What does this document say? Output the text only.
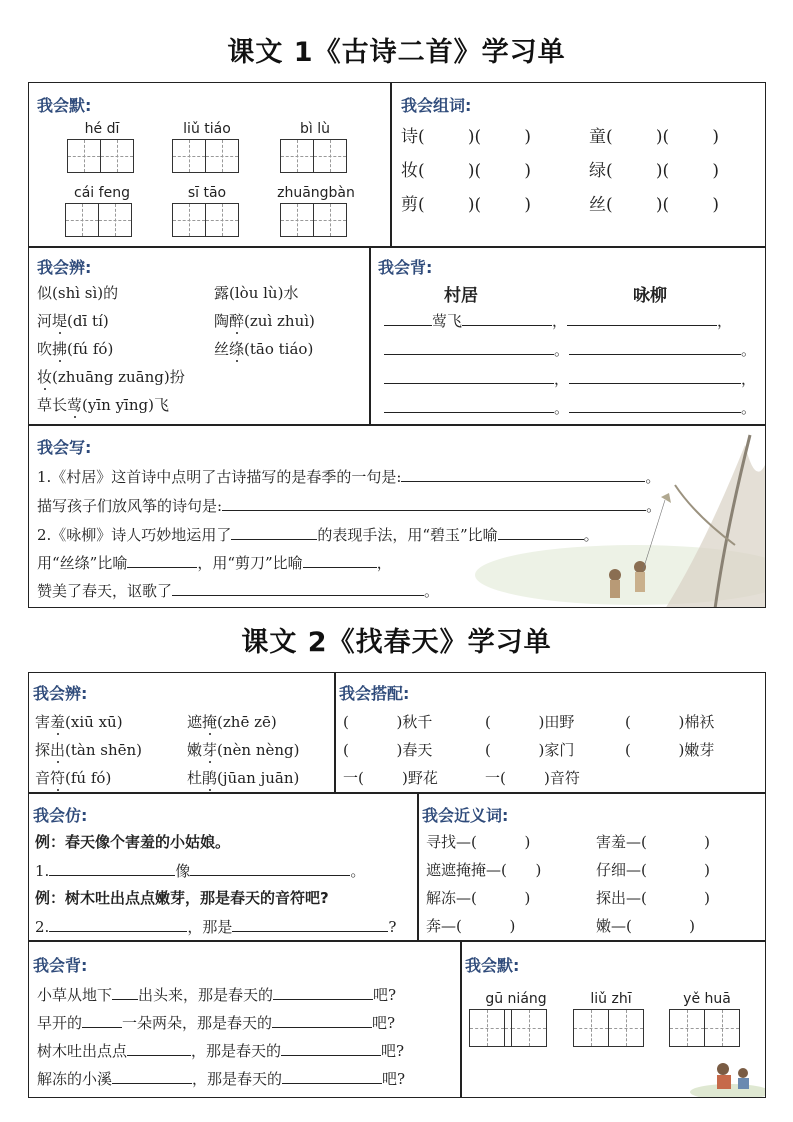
课文 1《古诗二首》学习单
我会默:
hé dī	liǔ tiáo	bì lù
cái feng	sī tāo	zhuāngbàn
我会组词:
诗(        )(        )	童(        )(        )
妆(        )(        )	绿(        )(        )
剪(        )(        )	丝(        )(        )
我会辨:
似(shì sì)的	露(lòu lù)水
河堤(dī tí)	陶醉(zuì zhuì)
吹拂(fú fó)	丝绦(tāo tiáo)
妆(zhuāng zuāng)扮
草长莺(yīn yīng)飞
我会背:
村居	咏柳
莺飞	，	，
。	。
，	，
。	。
我会写:
1.《村居》这首诗中点明了古诗描写的是春季的一句是:	。
描写孩子们放风筝的诗句是:	。
2.《咏柳》诗人巧妙地运用了	的表现手法，用“碧玉”比喻	。
用“丝绦”比喻	，用“剪刀”比喻	，
赞美了春天，讴歌了	。
课文 2《找春天》学习单
我会辨:
害羞(xiū xū)	遮掩(zhē zē)
探出(tàn shēn)	嫩芽(nèn nèng)
音符(fú fó)	杜鹃(jūan juān)
我会搭配:
(          )秋千	(          )田野	(          )棉袄
(          )春天	(          )家门	(          )嫩芽
一(        )野花	一(        )音符
我会仿:
例：春天像个害羞的小姑娘。
1.	像	。
例：树木吐出点点嫩芽，那是春天的音符吧?
2.	，那是	?
我会近义词:
寻找—(          )	害羞—(            )
遮遮掩掩—(      )	仔细—(            )
解冻—(          )	探出—(            )
奔—(          )	嫩—(            )
我会背:
小草从地下 出头来，那是春天的	吧?
早开的	一朵两朵，那是春天的	吧?
树木吐出点点	，那是春天的	吧?
解冻的小溪	，那是春天的	吧?
我会默:
gū niáng	liǔ zhī	yě huā
